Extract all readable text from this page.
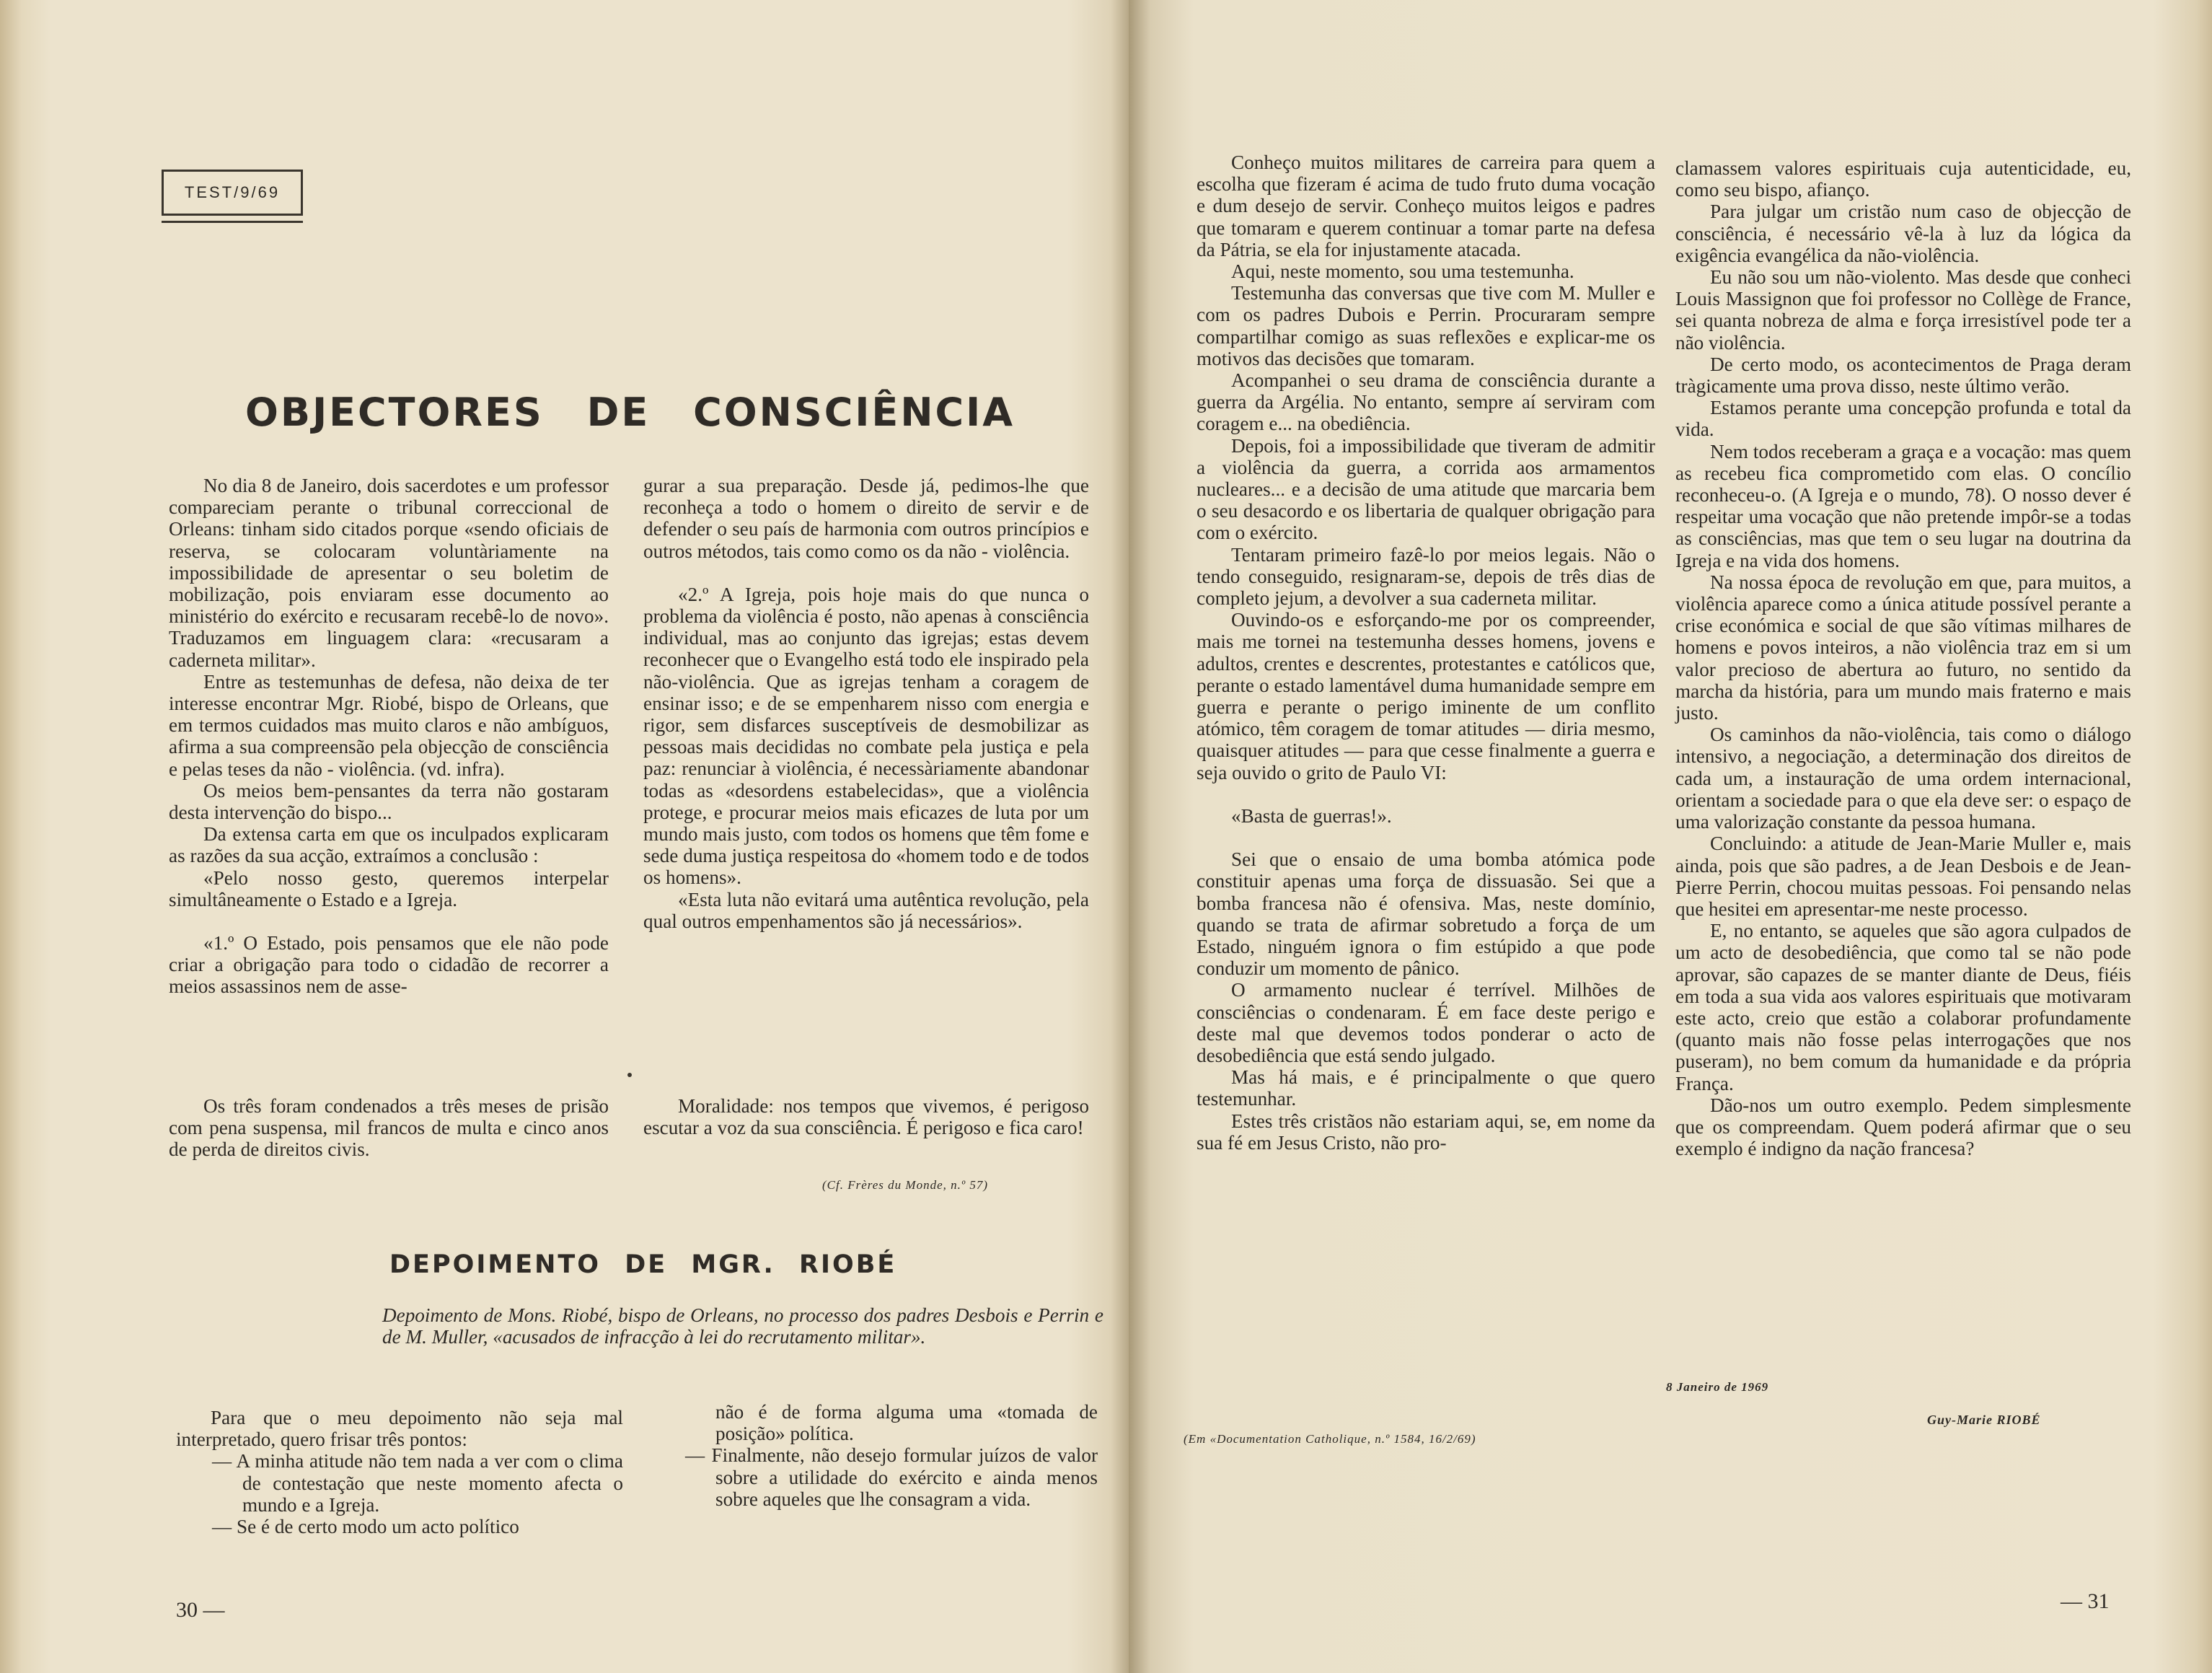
TEST/9/69
OBJECTORES DE CONSCIÊNCIA

No dia 8 de Janeiro, dois sacerdotes e um professor compareciam perante o tribunal correccional de Orleans: tinham sido citados porque «sendo oficiais de reserva, se colocaram voluntàriamente na impossibilidade de apresentar o seu boletim de mobilização, pois enviaram esse documento ao ministério do exército e recusaram recebê-lo de novo». Traduzamos em linguagem clara: «recusaram a caderneta militar».

Entre as testemunhas de defesa, não deixa de ter interesse encontrar Mgr. Riobé, bispo de Orleans, que em termos cuidados mas muito claros e não ambíguos, afirma a sua compreensão pela objecção de consciência e pelas teses da não - violência. (vd. infra).

Os meios bem-pensantes da terra não gostaram desta intervenção do bispo...

Da extensa carta em que os inculpados explicaram as razões da sua acção, extraímos a conclusão :

«Pelo nosso gesto, queremos interpelar simultâneamente o Estado e a Igreja.

«1.º O Estado, pois pensamos que ele não pode criar a obrigação para todo o cidadão de recorrer a meios assassinos nem de asse-

gurar a sua preparação. Desde já, pedimos-lhe que reconheça a todo o homem o direito de servir e de defender o seu país de harmonia com outros princípios e outros métodos, tais como como os da não - violência.

«2.º A Igreja, pois hoje mais do que nunca o problema da violência é posto, não apenas à consciência individual, mas ao conjunto das igrejas; estas devem reconhecer que o Evangelho está todo ele inspirado pela não-violência. Que as igrejas tenham a coragem de ensinar isso; e de se empenharem nisso com energia e rigor, sem disfarces susceptíveis de desmobilizar as pessoas mais decididas no combate pela justiça e pela paz: renunciar à violência, é necessàriamente abandonar todas as «desordens estabelecidas», que a violência protege, e procurar meios mais eficazes de luta por um mundo mais justo, com todos os homens que têm fome e sede duma justiça respeitosa do «homem todo e de todos os homens».

«Esta luta não evitará uma autêntica revolução, pela qual outros empenhamentos são já necessários».

Os três foram condenados a três meses de prisão com pena suspensa, mil francos de multa e cinco anos de perda de direitos civis.

Moralidade: nos tempos que vivemos, é perigoso escutar a voz da sua consciência. É perigoso e fica caro!

(Cf. Frères du Monde, n.º 57)
DEPOIMENTO DE MGR. RIOBÉ
Depoimento de Mons. Riobé, bispo de Orleans, no processo dos padres Desbois e Perrin e de M. Muller, «acusados de infracção à lei do recrutamento militar».

Para que o meu depoimento não seja mal interpretado, quero frisar três pontos:

— A minha atitude não tem nada a ver com o clima de contestação que neste momento afecta o mundo e a Igreja.

— Se é de certo modo um acto político

não é de forma alguma uma «tomada de posição» política.

— Finalmente, não desejo formular juízos de valor sobre a utilidade do exército e ainda menos sobre aqueles que lhe consagram a vida.

30 —

Conheço muitos militares de carreira para quem a escolha que fizeram é acima de tudo fruto duma vocação e dum desejo de servir. Conheço muitos leigos e padres que tomaram e querem continuar a tomar parte na defesa da Pátria, se ela for injustamente atacada.

Aqui, neste momento, sou uma testemunha.

Testemunha das conversas que tive com M. Muller e com os padres Dubois e Perrin. Procuraram sempre compartilhar comigo as suas reflexões e explicar-me os motivos das decisões que tomaram.

Acompanhei o seu drama de consciência durante a guerra da Argélia. No entanto, sempre aí serviram com coragem e... na obediência.

Depois, foi a impossibilidade que tiveram de admitir a violência da guerra, a corrida aos armamentos nucleares... e a decisão de uma atitude que marcaria bem o seu desacordo e os libertaria de qualquer obrigação para com o exército.

Tentaram primeiro fazê-lo por meios legais. Não o tendo conseguido, resignaram-se, depois de três dias de completo jejum, a devolver a sua caderneta militar.

Ouvindo-os e esforçando-me por os compreender, mais me tornei na testemunha desses homens, jovens e adultos, crentes e descrentes, protestantes e católicos que, perante o estado lamentável duma humanidade sempre em guerra e perante o perigo iminente de um conflito atómico, têm coragem de tomar atitudes — diria mesmo, quaisquer atitudes — para que cesse finalmente a guerra e seja ouvido o grito de Paulo VI:

«Basta de guerras!».

Sei que o ensaio de uma bomba atómica pode constituir apenas uma força de dissuasão. Sei que a bomba francesa não é ofensiva. Mas, neste domínio, quando se trata de afirmar sobretudo a força de um Estado, ninguém ignora o fim estúpido a que pode conduzir um momento de pânico.

O armamento nuclear é terrível. Milhões de consciências o condenaram. É em face deste perigo e deste mal que devemos todos ponderar o acto de desobediência que está sendo julgado.

Mas há mais, e é principalmente o que quero testemunhar.

Estes três cristãos não estariam aqui, se, em nome da sua fé em Jesus Cristo, não pro-

clamassem valores espirituais cuja autenticidade, eu, como seu bispo, afianço.

Para julgar um cristão num caso de objecção de consciência, é necessário vê-la à luz da lógica da exigência evangélica da não-violência.

Eu não sou um não-violento. Mas desde que conheci Louis Massignon que foi professor no Collège de France, sei quanta nobreza de alma e força irresistível pode ter a não violência.

De certo modo, os acontecimentos de Praga deram tràgicamente uma prova disso, neste último verão.

Estamos perante uma concepção profunda e total da vida.

Nem todos receberam a graça e a vocação: mas quem as recebeu fica comprometido com elas. O concílio reconheceu-o. (A Igreja e o mundo, 78). O nosso dever é respeitar uma vocação que não pretende impôr-se a todas as consciências, mas que tem o seu lugar na doutrina da Igreja e na vida dos homens.

Na nossa época de revolução em que, para muitos, a violência aparece como a única atitude possível perante a crise económica e social de que são vítimas milhares de homens e povos inteiros, a não violência traz em si um valor precioso de abertura ao futuro, no sentido da marcha da história, para um mundo mais fraterno e mais justo.

Os caminhos da não-violência, tais como o diálogo intensivo, a negociação, a determinação dos direitos de cada um, a instauração de uma ordem internacional, orientam a sociedade para o que ela deve ser: o espaço de uma valorização constante da pessoa humana.

Concluindo: a atitude de Jean-Marie Muller e, mais ainda, pois que são padres, a de Jean Desbois e de Jean-Pierre Perrin, chocou muitas pessoas. Foi pensando nelas que hesitei em apresentar-me neste processo.

E, no entanto, se aqueles que são agora culpados de um acto de desobediência, que como tal se não pode aprovar, são capazes de se manter diante de Deus, fiéis em toda a sua vida aos valores espirituais que motivaram este acto, creio que estão a colaborar profundamente (quanto mais não fosse pelas interrogações que nos puseram), no bem comum da humanidade e da própria França.

Dão-nos um outro exemplo. Pedem simplesmente que os compreendam. Quem poderá afirmar que o seu exemplo é indigno da nação francesa?

8 Janeiro de 1969
Guy-Marie RIOBÉ
(Em «Documentation Catholique, n.º 1584, 16/2/69)
— 31
